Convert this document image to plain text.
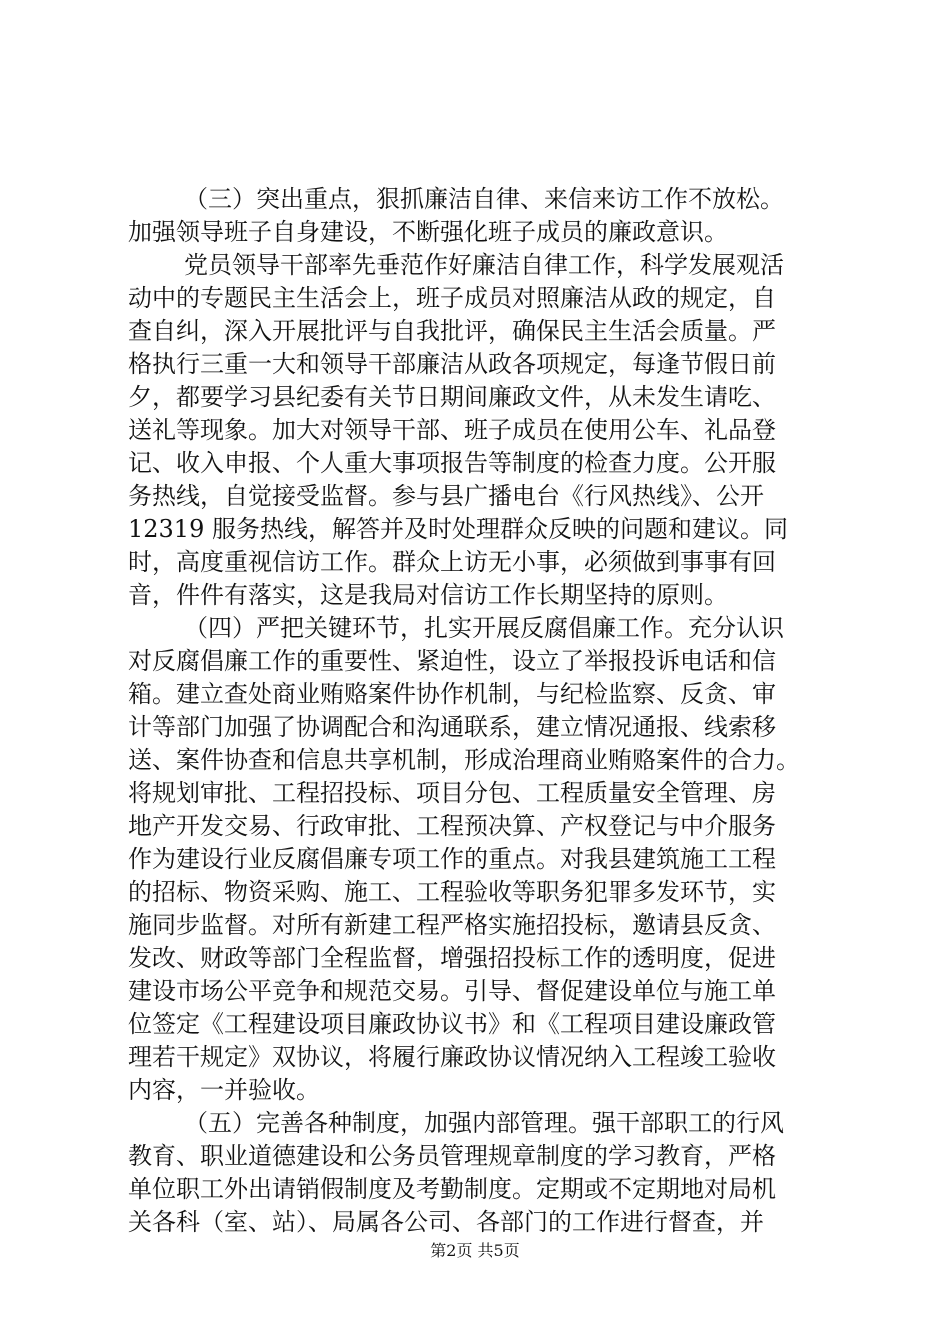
（三）突出重点，狠抓廉洁自律、来信来访工作不放松。
加强领导班子自身建设，不断强化班子成员的廉政意识。
党员领导干部率先垂范作好廉洁自律工作，科学发展观活
动中的专题民主生活会上，班子成员对照廉洁从政的规定，自
查自纠，深入开展批评与自我批评，确保民主生活会质量。严
格执行三重一大和领导干部廉洁从政各项规定，每逢节假日前
夕，都要学习县纪委有关节日期间廉政文件，从未发生请吃、
送礼等现象。加大对领导干部、班子成员在使用公车、礼品登
记、收入申报、个人重大事项报告等制度的检查力度。公开服
务热线，自觉接受监督。参与县广播电台《行风热线》、公开
12319 服务热线，解答并及时处理群众反映的问题和建议。同
时，高度重视信访工作。群众上访无小事，必须做到事事有回
音，件件有落实，这是我局对信访工作长期坚持的原则。
（四）严把关键环节，扎实开展反腐倡廉工作。充分认识
对反腐倡廉工作的重要性、紧迫性，设立了举报投诉电话和信
箱。建立查处商业贿赂案件协作机制，与纪检监察、反贪、审
计等部门加强了协调配合和沟通联系，建立情况通报、线索移
送、案件协查和信息共享机制，形成治理商业贿赂案件的合力。
将规划审批、工程招投标、项目分包、工程质量安全管理、房
地产开发交易、行政审批、工程预决算、产权登记与中介服务
作为建设行业反腐倡廉专项工作的重点。对我县建筑施工工程
的招标、物资采购、施工、工程验收等职务犯罪多发环节，实
施同步监督。对所有新建工程严格实施招投标，邀请县反贪、
发改、财政等部门全程监督，增强招投标工作的透明度，促进
建设市场公平竞争和规范交易。引导、督促建设单位与施工单
位签定《工程建设项目廉政协议书》和《工程项目建设廉政管
理若干规定》双协议，将履行廉政协议情况纳入工程竣工验收
内容，一并验收。
（五）完善各种制度，加强内部管理。强干部职工的行风
教育、职业道德建设和公务员管理规章制度的学习教育，严格
单位职工外出请销假制度及考勤制度。定期或不定期地对局机
关各科（室、站）、局属各公司、各部门的工作进行督查，并
第2页 共5页
